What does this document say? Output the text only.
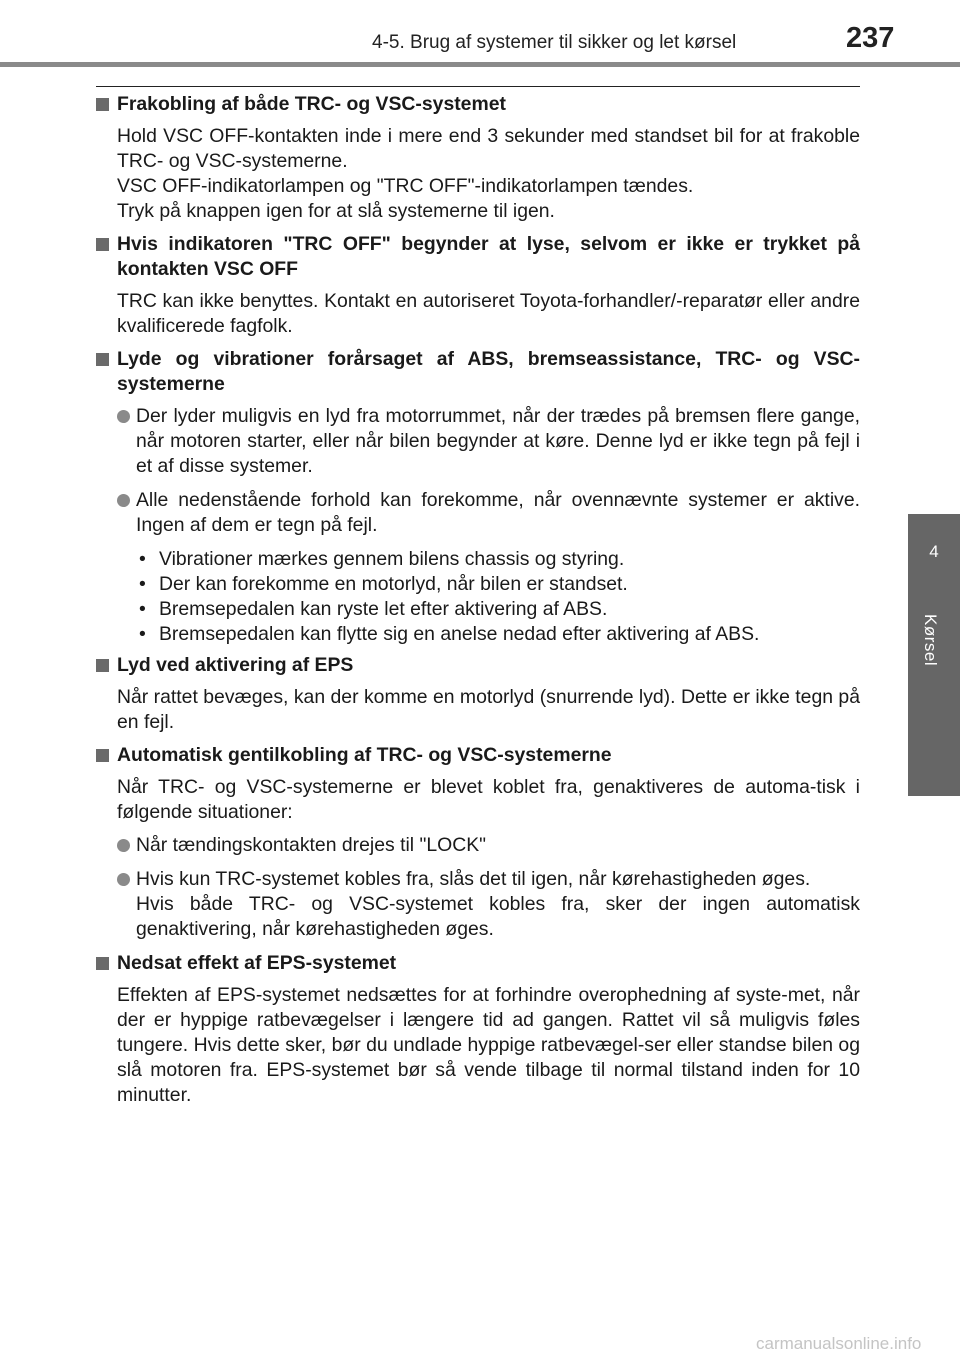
4-5. Brug af systemer til sikker og let kørsel	237
4
Kørsel
Frakobling af både TRC- og VSC-systemet
Hold VSC OFF-kontakten inde i mere end 3 sekunder med standset bil for at frakoble TRC- og VSC-systemerne.
VSC OFF-indikatorlampen og "TRC OFF"-indikatorlampen tændes.
Tryk på knappen igen for at slå systemerne til igen.
Hvis indikatoren "TRC OFF" begynder at lyse, selvom er ikke er trykket på kontakten VSC OFF
TRC kan ikke benyttes. Kontakt en autoriseret Toyota-forhandler/-reparatør eller andre kvalificerede fagfolk.
Lyde og vibrationer forårsaget af ABS, bremseassistance, TRC- og VSC-systemerne
Der lyder muligvis en lyd fra motorrummet, når der trædes på bremsen flere gange, når motoren starter, eller når bilen begynder at køre. Denne lyd er ikke tegn på fejl i et af disse systemer.
Alle nedenstående forhold kan forekomme, når ovennævnte systemer er aktive. Ingen af dem er tegn på fejl.
• Vibrationer mærkes gennem bilens chassis og styring.
• Der kan forekomme en motorlyd, når bilen er standset.
• Bremsepedalen kan ryste let efter aktivering af ABS.
• Bremsepedalen kan flytte sig en anelse nedad efter aktivering af ABS.
Lyd ved aktivering af EPS
Når rattet bevæges, kan der komme en motorlyd (snurrende lyd). Dette er ikke tegn på en fejl.
Automatisk gentilkobling af TRC- og VSC-systemerne
Når TRC- og VSC-systemerne er blevet koblet fra, genaktiveres de automa-tisk i følgende situationer:
Når tændingskontakten drejes til "LOCK"
Hvis kun TRC-systemet kobles fra, slås det til igen, når kørehastigheden øges.
Hvis både TRC- og VSC-systemet kobles fra, sker der ingen automatisk genaktivering, når kørehastigheden øges.
Nedsat effekt af EPS-systemet
Effekten af EPS-systemet nedsættes for at forhindre overophedning af syste-met, når der er hyppige ratbevægelser i længere tid ad gangen. Rattet vil så muligvis føles tungere. Hvis dette sker, bør du undlade hyppige ratbevægel-ser eller standse bilen og slå motoren fra. EPS-systemet bør så vende tilbage til normal tilstand inden for 10 minutter.
carmanualsonline.info
